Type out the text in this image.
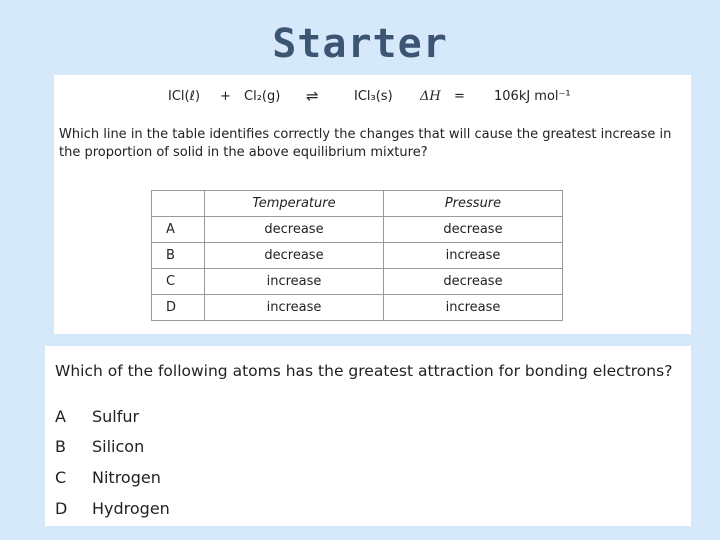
Starter
ICl(ℓ) + Cl₂(g) ⇌	ICl₃(s) ΔH = 106kJ mol⁻¹
Which line in the table identifies correctly the changes that will cause the greatest increase in the proportion of solid in the above equilibrium mixture?
	Temperature	Pressure
A	decrease	decrease
B	decrease	increase
C	increase	decrease
D	increase	increase
Which of the following atoms has the greatest attraction for bonding electrons?
A Sulfur
B Silicon
C Nitrogen
D Hydrogen
